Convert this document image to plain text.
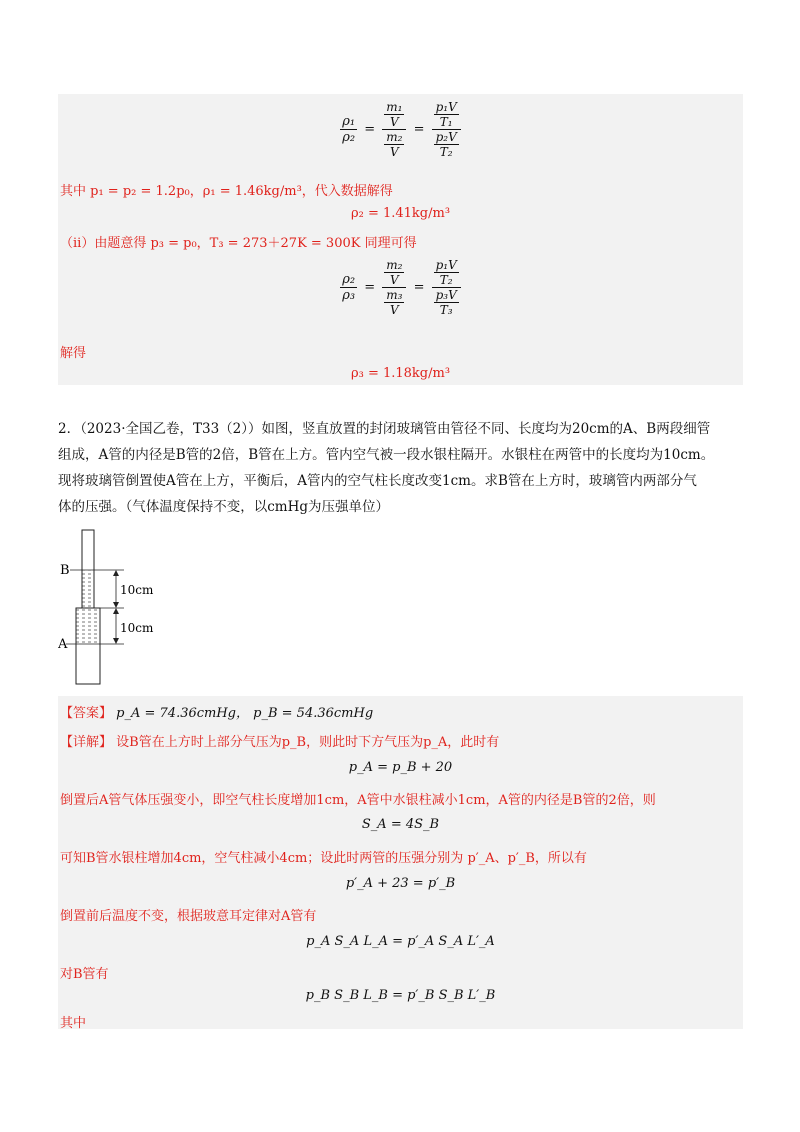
$\frac{\text{ρ₁}}{\text{ρ₂}} = \frac{\frac{\text{m₁}}{V}}{\frac{\text{m₂}}{V}} = \frac{\frac{\text{p₁V}}{\text{T₁}}}{\frac{\text{p₂V}}{\text{T₂}}}$
其中 p₁ = p₂ = 1.2p₀，ρ₁ = 1.46kg/m³，代入数据解得
ρ₂ = 1.41kg/m³
（ii）由题意得 p₃ = p₀，T₃ = 273＋27K = 300K 同理可得
$\frac{\text{ρ₂}}{\text{ρ₃}} = \frac{\frac{\text{m₂}}{V}}{\frac{\text{m₃}}{V}} = \frac{\frac{\text{p₁V}}{\text{T₂}}}{\frac{\text{p₃V}}{\text{T₃}}}$
解得
ρ₃ = 1.18kg/m³
2．（2023·全国乙卷，T33（2））如图，竖直放置的封闭玻璃管由管径不同、长度均为20cm的A、B两段细管
组成，A管的内径是B管的2倍，B管在上方。管内空气被一段水银柱隔开。水银柱在两管中的长度均为10cm。
现将玻璃管倒置使A管在上方，平衡后，A管内的空气柱长度改变1cm。求B管在上方时，玻璃管内两部分气
体的压强。（气体温度保持不变，以cmHg为压强单位）
B
A
10cm
10cm
【答案】 p_A = 74.36cmHg， p_B = 54.36cmHg
【详解】 设B管在上方时上部分气压为p_B，则此时下方气压为p_A，此时有
p_A = p_B + 20
倒置后A管气体压强变小，即空气柱长度增加1cm，A管中水银柱减小1cm，A管的内径是B管的2倍，则
S_A = 4S_B
可知B管水银柱增加4cm，空气柱减小4cm；设此时两管的压强分别为 p′_A、p′_B，所以有
p′_A + 23 = p′_B
倒置前后温度不变，根据玻意耳定律对A管有
p_A S_A L_A = p′_A S_A L′_A
对B管有
p_B S_B L_B = p′_B S_B L′_B
其中
